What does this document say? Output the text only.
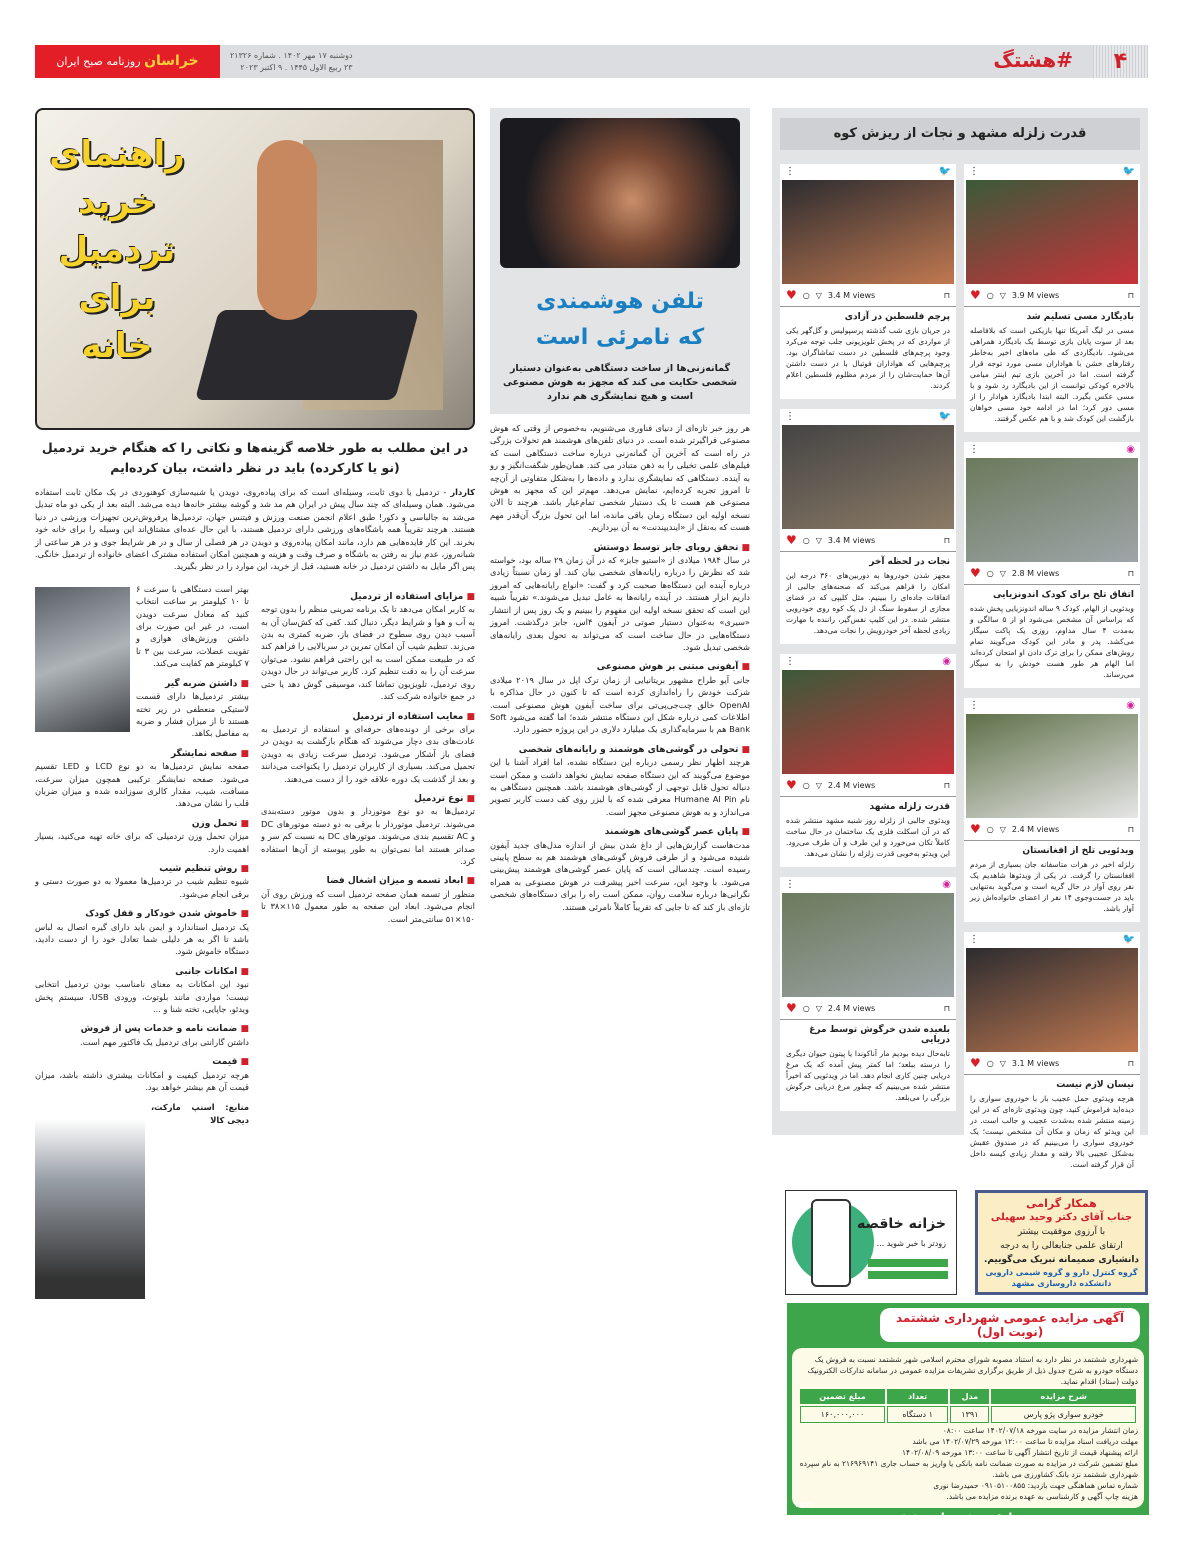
۴
#هشتگ
خراسان روزنامه صبح ایران	دوشنبه ۱۷ مهر ۱۴۰۲ . شماره ۲۱۳۲۶
۲۳ ربیع الاول ۱۴۴۵ . ۹ اکتبر ۲۰۲۳
قدرت زلزله مشهد و نجات از ریزش کوه
🐦
⋮
♥ ○ ▽ 3.9 M views	⊓
بادیگارد مسی تسلیم شد
مسی در لیگ آمریکا تنها بازیکنی است که بلافاصله بعد از سوت پایان بازی توسط یک بادیگارد همراهی می‌شود. بادیگاردی که طی ماه‌های اخیر به‌خاطر رفتارهای خشن با هواداران مسی مورد توجه قرار گرفته است. اما در آخرین بازی تیم اینتر میامی بالاخره کودکی توانست از این بادیگارد رد شود و با مسی عکس بگیرد. البته ابتدا بادیگارد هوادار را از مسی دور کرد؛ اما در ادامه خود مسی خواهان بازگشت این کودک شد و با هم عکس گرفتند.
◉
⋮
♥ ○ ▽ 2.8 M views	⊓
اتفاق تلخ برای کودک اندونزیایی
ویدئویی از الهام، کودک ۹ ساله اندونزیایی پخش شده که براساس آن مشخص می‌شود او از ۵ سالگی و به‌مدت ۴ سال مداوم، روزی یک پاکت سیگار می‌کشد. پدر و مادر این کودک می‌گویند تمام روش‌های ممکن را برای ترک دادن او امتحان کرده‌اند اما الهام هر طور هست خودش را به سیگار می‌رساند.
◉
⋮
♥ ○ ▽ 2.4 M views	⊓
ویدئویی تلخ از افغانستان
زلزله اخیر در هرات متاسفانه جان بسیاری از مردم افغانستان را گرفت. در یکی از ویدئوها شاهدیم یک نفر روی آوار در حال گریه است و می‌گوید به‌تنهایی باید در جست‌وجوی ۱۴ نفر از اعضای خانواده‌اش زیر آوار باشد.
🐦
⋮
♥ ○ ▽ 3.1 M views	⊓
نیسان لازم نیست
هرچه ویدئوی حمل عجیب بار با خودروی سواری را دیده‌اید فراموش کنید، چون ویدئوی تازه‌ای که در این زمینه منتشر شده به‌شدت عجیب و جالب است. در این ویدئو که زمان و مکان آن مشخص نیست؛ یک خودروی سواری را می‌بینیم که در صندوق عقبش به‌شکل عجیبی بالا رفته و مقدار زیادی کیسه داخل آن قرار گرفته است.
🐦
⋮
♥ ○ ▽ 3.4 M views	⊓
پرچم فلسطین در آزادی
در جریان بازی شب گذشته پرسپولیس و گل‌گهر یکی از مواردی که در پخش تلویزیونی جلب توجه می‌کرد وجود پرچم‌های فلسطین در دست تماشاگران بود. پرچم‌هایی که هواداران فوتبال با در دست داشتن آن‌ها حمایت‌شان را از مردم مظلوم فلسطین اعلام کردند.
🐦
⋮
♥ ○ ▽ 3.4 M views	⊓
نجات در لحظه آخر
مجهز شدن خودروها به دوربین‌های ۳۶۰ درجه این امکان را فراهم می‌کند که صحنه‌های جالبی از اتفاقات جاده‌ای را ببینیم. مثل کلیپی که در فضای مجازی از سقوط سنگ از دل یک کوه روی خودرویی منتشر شده. در این کلیپ نفس‌گیر، راننده با مهارت زیادی لحظه آخر خودرویش را نجات می‌دهد.
◉
⋮
♥ ○ ▽ 2.4 M views	⊓
قدرت زلزله مشهد
ویدئوی جالبی از زلزله روز شنبه مشهد منتشر شده که در آن اسکلت فلزی یک ساختمان در حال ساخت کاملاً تکان می‌خورد و این طرف و آن طرف می‌رود. این ویدئو به‌خوبی قدرت زلزله را نشان می‌دهد.
◉
⋮
♥ ○ ▽ 2.4 M views	⊓
بلعیده شدن خرگوش توسط مرغ دریایی
تا‌به‌حال دیده بودیم مار آناکوندا یا پیتون حیوان دیگری را درسته ببلعد؛ اما کمتر پیش آمده که یک مرغ دریایی چنین کاری انجام دهد. اما در ویدئویی که اخیراً منتشر شده می‌بینیم که چطور مرغ دریایی خرگوش بزرگی را می‌بلعد.
تلفن هوشمندی
که نامرئی است
گمانه‌زنی‌ها از ساخت دستگاهی به‌عنوان دستیار شخصی حکایت می کند که مجهز به هوش مصنوعی است و هیچ نمایشگری هم ندارد
هر روز خبر تازه‌ای از دنیای فناوری می‌شنویم، به‌خصوص از وقتی که هوش مصنوعی فراگیرتر شده است. در دنیای تلفن‌های هوشمند هم تحولات بزرگی در راه است که آخرین آن گمانه‌زنی درباره ساخت دستگاهی است که فیلم‌های علمی تخیلی را به ذهن متبادر می کند. همان‌طور شگفت‌انگیز و رو به آینده. دستگاهی که نمایشگری ندارد و داده‌ها را به‌شکل متفاوتی از آن‌چه تا امروز تجربه کرده‌ایم، نمایش می‌دهد. مهم‌تر این که مجهز به هوش مصنوعی هم هست تا یک دستیار شخصی تمام‌عیار باشد. هرچند تا الان نسخه اولیه این دستگاه زمان باقی مانده، اما این تحول بزرگ آن‌قدر مهم هست که به‌نقل از «ایندیپندنت» به آن بپردازیم.
■ تحقق رویای جابز توسط دوستش
در سال ۱۹۸۴ میلادی از «استیو جابز» که در آن زمان ۲۹ ساله بود، خواسته شد که نظرش را درباره رایانه‌های شخصی بیان کند. او زمان نسبتاً زیادی درباره آینده این دستگاه‌ها صحبت کرد و گفت: «انواع رایانه‌هایی که امروز داریم ابزار هستند. در آینده رایانه‌ها به عامل تبدیل می‌شوند.» تقریباً شبیه این است که تحقق نسخه اولیه این مفهوم را ببینیم و یک روز پس از انتشار «سیری» به‌عنوان دستیار صوتی در آیفون ۴اس، جابز درگذشت. امروز دستگاه‌هایی در حال ساخت است که می‌تواند به تحول بعدی رایانه‌های شخصی تبدیل شود.
■ آیفونی مبتنی بر هوش مصنوعی
جانی آیو طراح مشهور بریتانیایی از زمان ترک اپل در سال ۲۰۱۹ میلادی شرکت خودش را راه‌اندازی کرده است که تا کنون در حال مذاکره با OpenAI خالق چت‌جی‌پی‌تی برای ساخت آیفون هوش مصنوعی است. اطلاعات کمی درباره شکل این دستگاه منتشر شده؛ اما گفته می‌شود Soft Bank هم با سرمایه‌گذاری یک میلیارد دلاری در این پروژه حضور دارد.
■ تحولی در گوشی‌های هوشمند و رایانه‌های شخصی
هرچند اظهار نظر رسمی درباره این دستگاه نشده، اما افراد آشنا با این موضوع می‌گویند که این دستگاه صفحه نمایش نخواهد داشت و ممکن است دنباله تحول قابل توجهی از گوشی‌های هوشمند باشد. همچنین دستگاهی به نام Humane AI Pin معرفی شده که با لیزر روی کف دست کاربر تصویر می‌اندازد و به هوش مصنوعی مجهز است.
■ پایان عصر گوشی‌های هوشمند
مدت‌هاست گزارش‌هایی از داغ شدن بیش از اندازه مدل‌های جدید آیفون شنیده می‌شود و از طرفی فروش گوشی‌های هوشمند هم به سطح پایینی رسیده است. چندسالی است که پایان عصر گوشی‌های هوشمند پیش‌بینی می‌شود. با وجود این، سرعت اخیر پیشرفت در هوش مصنوعی به همراه نگرانی‌ها درباره سلامت روان، ممکن است راه را برای دستگاه‌های شخصی تازه‌ای باز کند که تا جایی که تقریباً کاملاً نامرئی هستند.
راهنمای خرید تردمیل برای خانه
در این مطلب به طور خلاصه گزینه‌ها و نکاتی را که هنگام خرید تردمیل (نو یا کارکرده) باید در نظر داشت، بیان کرده‌ایم
کاردار - تردمیل یا دوی ثابت، وسیله‌ای است که برای پیاده‌روی، دویدن یا شبیه‌سازی کوهنوردی در یک مکان ثابت استفاده می‌شود. همان وسیله‌ای که چند سال پیش در ایران هم مد شد و گوشه بیشتر خانه‌ها دیده می‌شد. البته بعد از یکی دو ماه تبدیل می‌شد به جالباسی و دکور! طبق اعلام انجمن صنعت ورزش و فیتنس جهان، تردمیل‌ها پرفروش‌ترین تجهیزات ورزشی در دنیا هستند. هرچند تقریباً همه باشگاه‌های ورزشی دارای تردمیل هستند، با این حال عده‌ای مشتاق‌اند این وسیله را برای خانه خود بخرند. این کار فایده‌هایی هم دارد، مانند امکان پیاده‌روی و دویدن در هر فصلی از سال و در هر شرایط جوی و در هر ساعتی از شبانه‌روز، عدم نیاز به رفتن به باشگاه و صرف وقت و هزینه و همچنین امکان استفاده مشترک اعضای خانواده از تردمیل خانگی. پس اگر مایل به داشتن تردمیل در خانه هستید، قبل از خرید، این موارد را در نظر بگیرید.
■ مزایای استفاده از تردمیل
به کاربر امکان می‌دهد تا یک برنامه تمرینی منظم را بدون توجه به آب و هوا و شرایط دیگر، دنبال کند. کفی که کش‌سان آن به آسیب دیدن روی سطوح در فضای باز، ضربه کمتری به بدن می‌زند. تنظیم شیب آن امکان تمرین در سربالایی را فراهم کند که در طبیعت ممکن است به این راحتی فراهم نشود. می‌توان سرعت آن را به دقت تنظیم کرد. کاربر می‌تواند در حال دویدن روی تردمیل، تلویزیون تماشا کند، موسیقی گوش دهد یا حتی در جمع خانواده شرکت کند.
■ معایب استفاده از تردمیل
برای برخی از دونده‌های حرفه‌ای و استفاده از تردمیل به عادت‌های بدی دچار می‌شوند که هنگام بازگشت به دویدن در فضای باز آشکار می‌شود. تردمیل سرعت زیادی به دویدن تحمیل می‌کند. بسیاری از کاربران تردمیل را یکنواخت می‌دانند و بعد از گذشت یک دوره علاقه خود را از دست می‌دهند.
■ نوع تردمیل
تردمیل‌ها به دو نوع موتوردار و بدون موتور دسته‌بندی می‌شوند. تردمیل موتوردار با برقی به دو دسته موتورهای DC و AC تقسیم بندی می‌شوند. موتورهای DC به نسبت کم سر و صداتر هستند اما نمی‌توان به طور پیوسته از آن‌ها استفاده کرد.
■ ابعاد تسمه و میزان اشغال فضا
منظور از تسمه همان صفحه تردمیل است که ورزش روی آن انجام می‌شود. ابعاد این صفحه به طور معمول ۱۱۵×۳۸ تا ۱۵۰×۵۱ سانتی‌متر است.
بهتر است دستگاهی با سرعت ۶ تا ۱۰ کیلومتر بر ساعت انتخاب کنید که معادل سرعت دویدن است، در غیر این صورت برای داشتن ورزش‌های هوازی و تقویت عضلات، سرعت بین ۳ تا ۷ کیلومتر هم کفایت می‌کند.
■ داشتن ضربه گیر
بیشتر تردمیل‌ها دارای قسمت لاستیکی منعطفی در زیر تخته هستند تا از میزان فشار و ضربه به مفاصل بکاهد.
■ صفحه نمایشگر
صفحه نمایش تردمیل‌ها به دو نوع LCD و LED تقسیم می‌شود. صفحه نمایشگر ترکیبی همچون میزان سرعت، مسافت، شیب، مقدار کالری سوزانده شده و میزان ضربان قلب را نشان می‌دهد.
■ تحمل وزن
میزان تحمل وزن تردمیلی که برای خانه تهیه می‌کنید، بسیار اهمیت دارد.
■ روش تنظیم شیب
شیوه تنظیم شیب در تردمیل‌ها معمولا به دو صورت دستی و برقی انجام می‌شود.
■ خاموش شدن خودکار و قفل کودک
یک تردمیل استاندارد و ایمن باید دارای گیره اتصال به لباس باشد تا اگر به هر دلیلی شما تعادل خود را از دست دادید، دستگاه خاموش شود.
■ امکانات جانبی
نبود این امکانات به معنای نامناسب بودن تردمیل انتخابی نیست؛ مواردی مانند بلوتوث، ورودی USB، سیستم پخش ویدئو، جاپایی، تخته شنا و ...
■ ضمانت نامه و خدمات پس از فروش
داشتن گارانتی برای تردمیل یک فاکتور مهم است.
■ قیمت
هرچه تردمیل کیفیت و امکانات بیشتری داشته باشد، میزان قیمت آن هم بیشتر خواهد بود.
منابع: اسنپ مارکت، دیجی کالا
همکار گرامی
جناب آقای دکتر وحید سهیلی
با آرزوی موفقیت بیشتر
ارتقای علمی جنابعالی را به درجه
دانشیاری صمیمانه تبریک می‌گوییم.
گروه کنترل دارو و گروه شیمی دارویی
دانشکده داروسازی مشهد
خزانه خاقصه
زودتر با خبر شوید ...
آگهی مزایده عمومی شهرداری ششتمد (نوبت اول)
شهرداری ششتمد در نظر دارد به استناد مصوبه شورای محترم اسلامی شهر ششتمد نسبت به فروش یک دستگاه خودرو به شرح جدول ذیل از طریق برگزاری تشریفات مزایده عمومی در سامانه تدارکات الکترونیک دولت (ستاد) اقدام نماید.
شرح مزایده	مدل	تعداد	مبلغ تضمین
خودرو سواری پژو پارس	۱۳۹۱	۱ دستگاه	۱۶۰,۰۰۰,۰۰۰
زمان انتشار مزایده در سایت مورخه ۱۴۰۲/۰۷/۱۸ ساعت ۰۸:۰۰
مهلت دریافت اسناد مزایده تا ساعت ۱۲:۰۰ مورخه ۱۴۰۲/۰۷/۲۹ می باشد
ارائه پیشنهاد قیمت از تاریخ انتشار آگهی تا ساعت ۱۳:۰۰ مورخه ۱۴۰۲/۰۸/۰۹
مبلغ تضمین شرکت در مزایده به صورت ضمانت نامه بانکی یا واریز به حساب جاری ۲۱۶۹۶۹۱۴۱ به نام سپرده شهرداری ششتمد نزد بانک کشاورزی می باشد.
شماره تماس هماهنگی جهت بازدید: ۰۹۱۰۵۱۰۰۸۵۵ حمیدرضا نوری
هزینه چاپ آگهی و کارشناسی به عهده برنده مزایده می باشد.
محمد صادقی –شهرداری ششتمد
۳۸۳۲۲
